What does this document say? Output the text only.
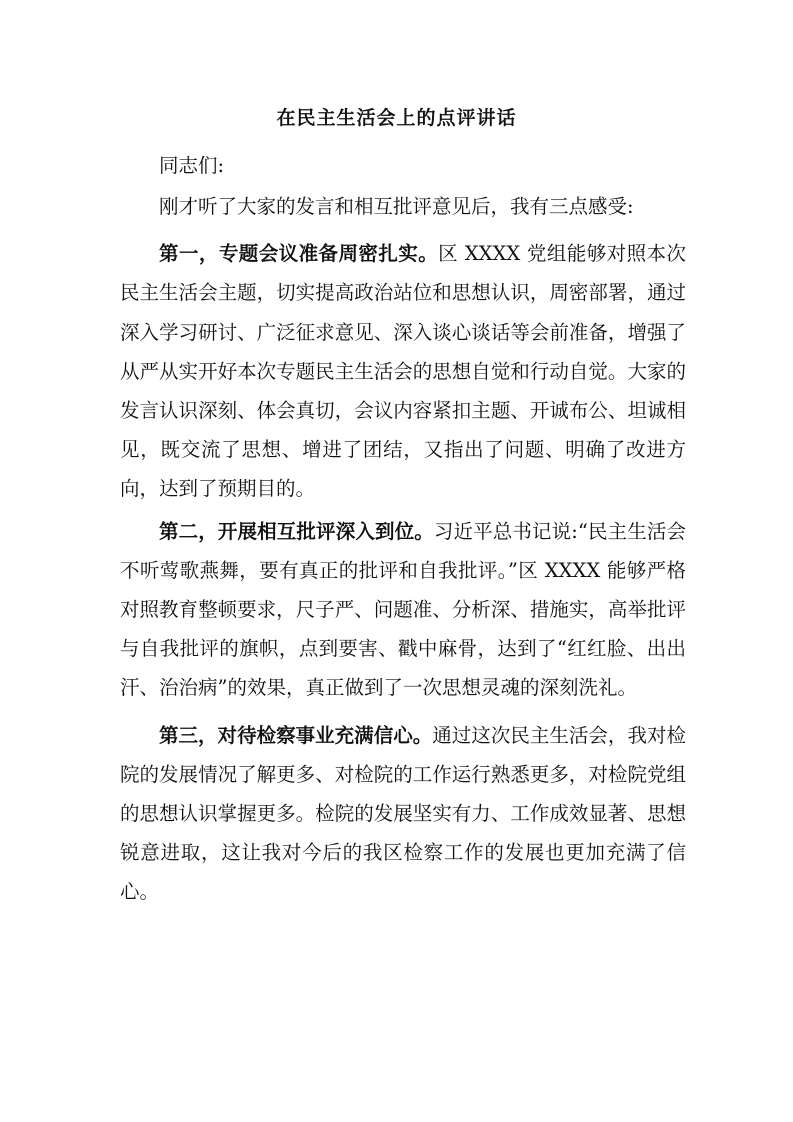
在民主生活会上的点评讲话

同志们:

刚才听了大家的发言和相互批评意见后，我有三点感受:

第一，专题会议准备周密扎实。区 XXXX 党组能够对照本次民主生活会主题，切实提高政治站位和思想认识，周密部署，通过深入学习研讨、广泛征求意见、深入谈心谈话等会前准备，增强了从严从实开好本次专题民主生活会的思想自觉和行动自觉。大家的发言认识深刻、体会真切，会议内容紧扣主题、开诚布公、坦诚相见，既交流了思想、增进了团结，又指出了问题、明确了改进方向，达到了预期目的。

第二，开展相互批评深入到位。习近平总书记说:“民主生活会不听莺歌燕舞，要有真正的批评和自我批评。”区 XXXX 能够严格对照教育整顿要求，尺子严、问题准、分析深、措施实，高举批评与自我批评的旗帜，点到要害、戳中麻骨，达到了“红红脸、出出汗、治治病”的效果，真正做到了一次思想灵魂的深刻洗礼。

第三，对待检察事业充满信心。通过这次民主生活会，我对检院的发展情况了解更多、对检院的工作运行熟悉更多，对检院党组的思想认识掌握更多。检院的发展坚实有力、工作成效显著、思想锐意进取，这让我对今后的我区检察工作的发展也更加充满了信心。
